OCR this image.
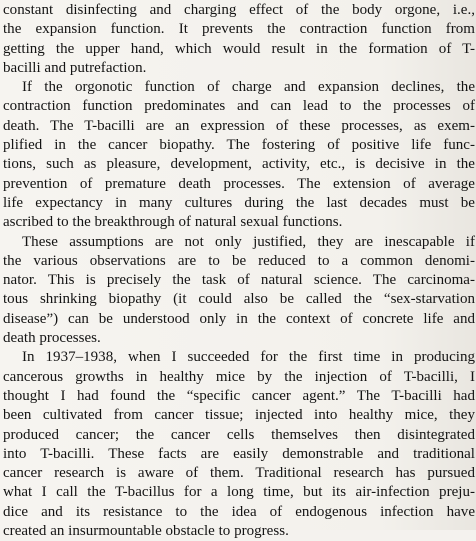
constant disinfecting and charging effect of the body orgone, i.e.,
the expansion function. It prevents the contraction function from
getting the upper hand, which would result in the formation of T-
bacilli and putrefaction.
If the orgonotic function of charge and expansion declines, the
contraction function predominates and can lead to the processes of
death. The T-bacilli are an expression of these processes, as exem-
plified in the cancer biopathy. The fostering of positive life func-
tions, such as pleasure, development, activity, etc., is decisive in the
prevention of premature death processes. The extension of average
life expectancy in many cultures during the last decades must be
ascribed to the breakthrough of natural sexual functions.
These assumptions are not only justified, they are inescapable if
the various observations are to be reduced to a common denomi-
nator. This is precisely the task of natural science. The carcinoma-
tous shrinking biopathy (it could also be called the “sex-starvation
disease”) can be understood only in the context of concrete life and
death processes.
In 1937–1938, when I succeeded for the first time in producing
cancerous growths in healthy mice by the injection of T-bacilli, I
thought I had found the “specific cancer agent.” The T-bacilli had
been cultivated from cancer tissue; injected into healthy mice, they
produced cancer; the cancer cells themselves then disintegrated
into T-bacilli. These facts are easily demonstrable and traditional
cancer research is aware of them. Traditional research has pursued
what I call the T-bacillus for a long time, but its air-infection preju-
dice and its resistance to the idea of endogenous infection have
created an insurmountable obstacle to progress.
